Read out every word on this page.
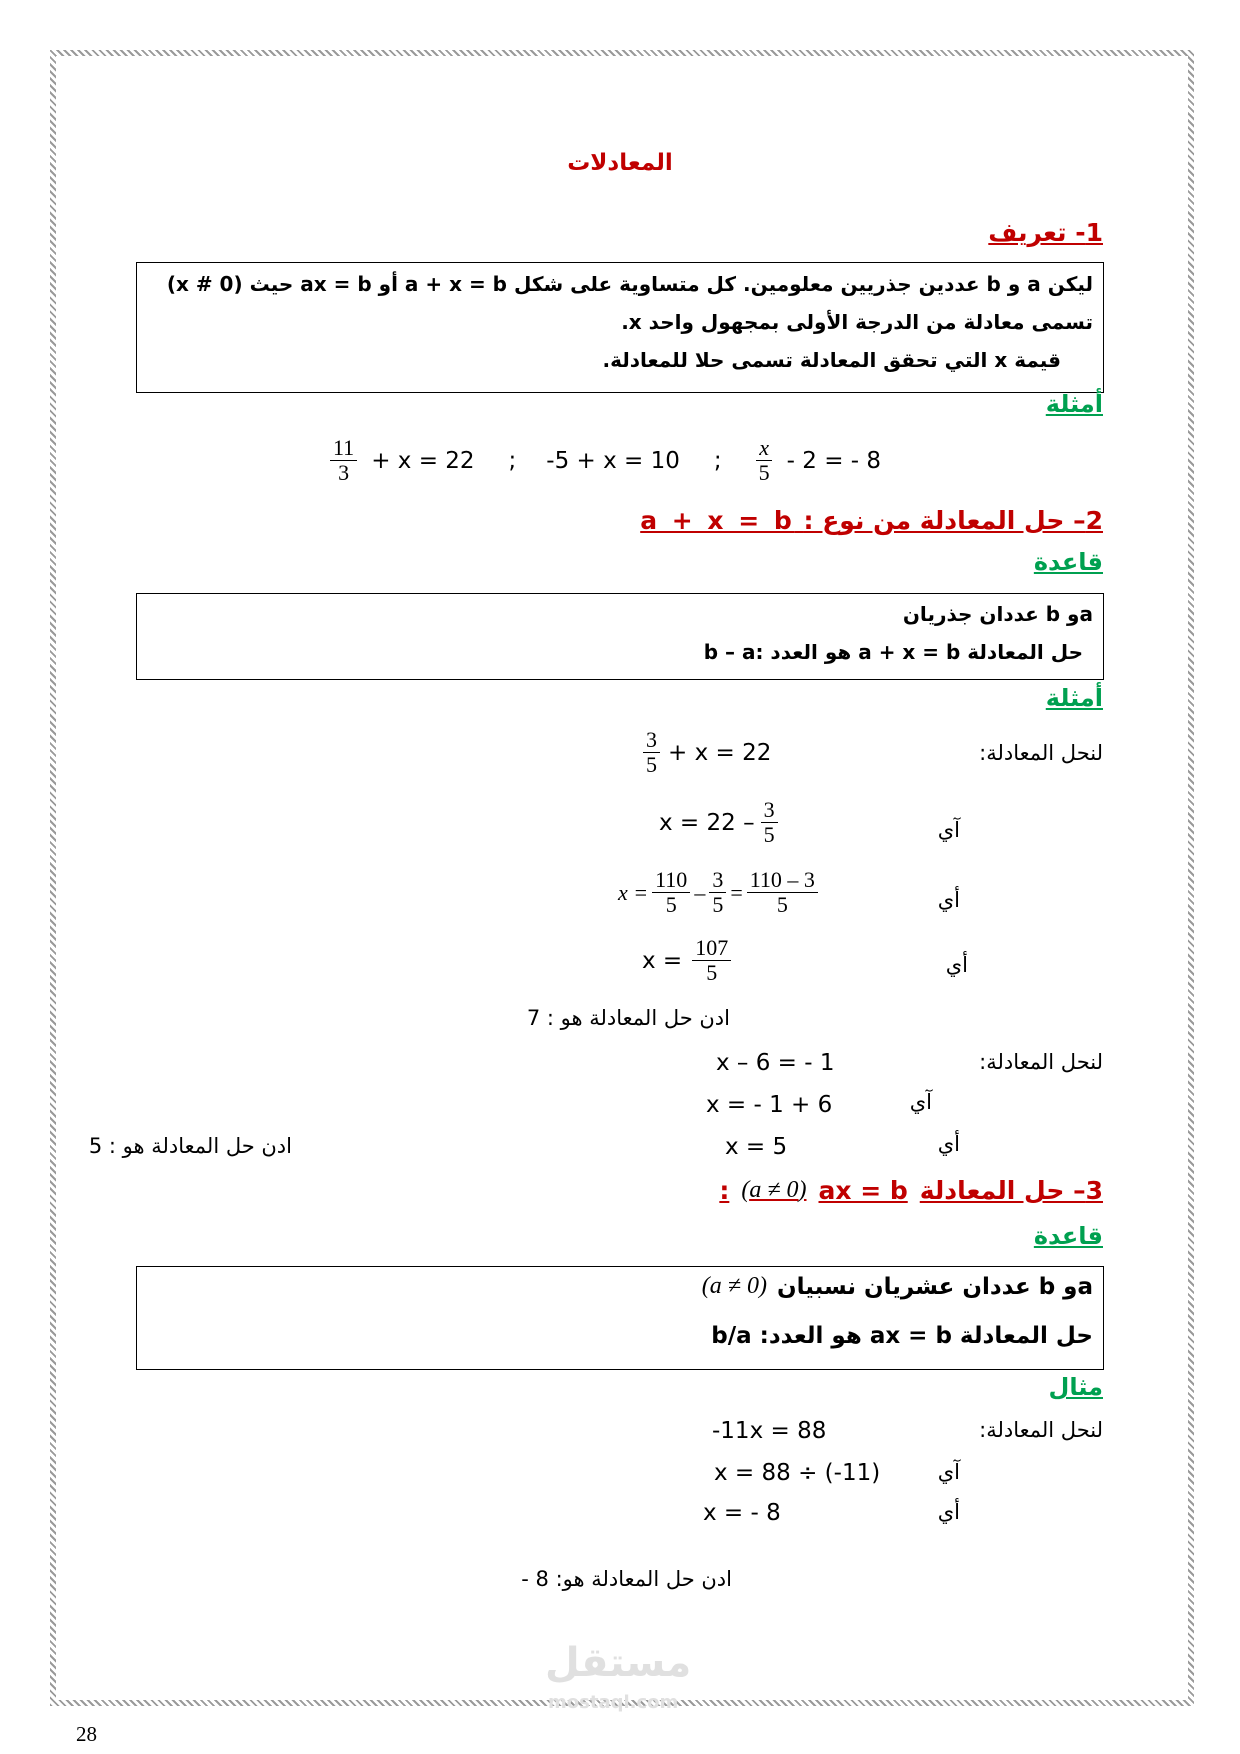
المعادلات
1- تعريف
ليكن a و b عددين جذريين معلومين. كل متساوية على شكل a + x = b أو ax = b حيث (x # 0)
تسمى معادلة من الدرجة الأولى بمجهول واحد x.
قيمة x التي تحقق المعادلة تسمى حلا للمعادلة.
أمثلة
$\frac{11}{3} + x = 22$ ; -5 + x = 10 ; $\frac{x}{5} - 2$ = - 8
2– حل المعادلة من نوع : a + x = b
قاعدة
aو b عددان جذريان
حل المعادلة a + x = b هو العدد :b – a
أمثلة
لنحل المعادلة:
$\frac{3}{5} + x = 22$
آي
$x = 22 - \frac{3}{5}$
أي
$x = \frac{110}{5} - \frac{3}{5} = \frac{110 - 3}{5}$
أي
$x = \frac{107}{5}$
ادن حل المعادلة هو : 7
لنحل المعادلة:
x – 6 = - 1
آي
x = - 1 + 6
أي
x = 5
ادن حل المعادلة هو : 5
3– حل المعادلة
ax = b
(a ≠ 0)
:
قاعدة
aو b عددان عشريان نسبيان
(a ≠ 0)
حل المعادلة ax = b هو العدد: b/a
مثال
لنحل المعادلة:
-11x = 88
آي
x = 88 ÷ (-11)
أي
x = - 8
ادن حل المعادلة هو: 8 -
مستقل
mostaql.com
28
